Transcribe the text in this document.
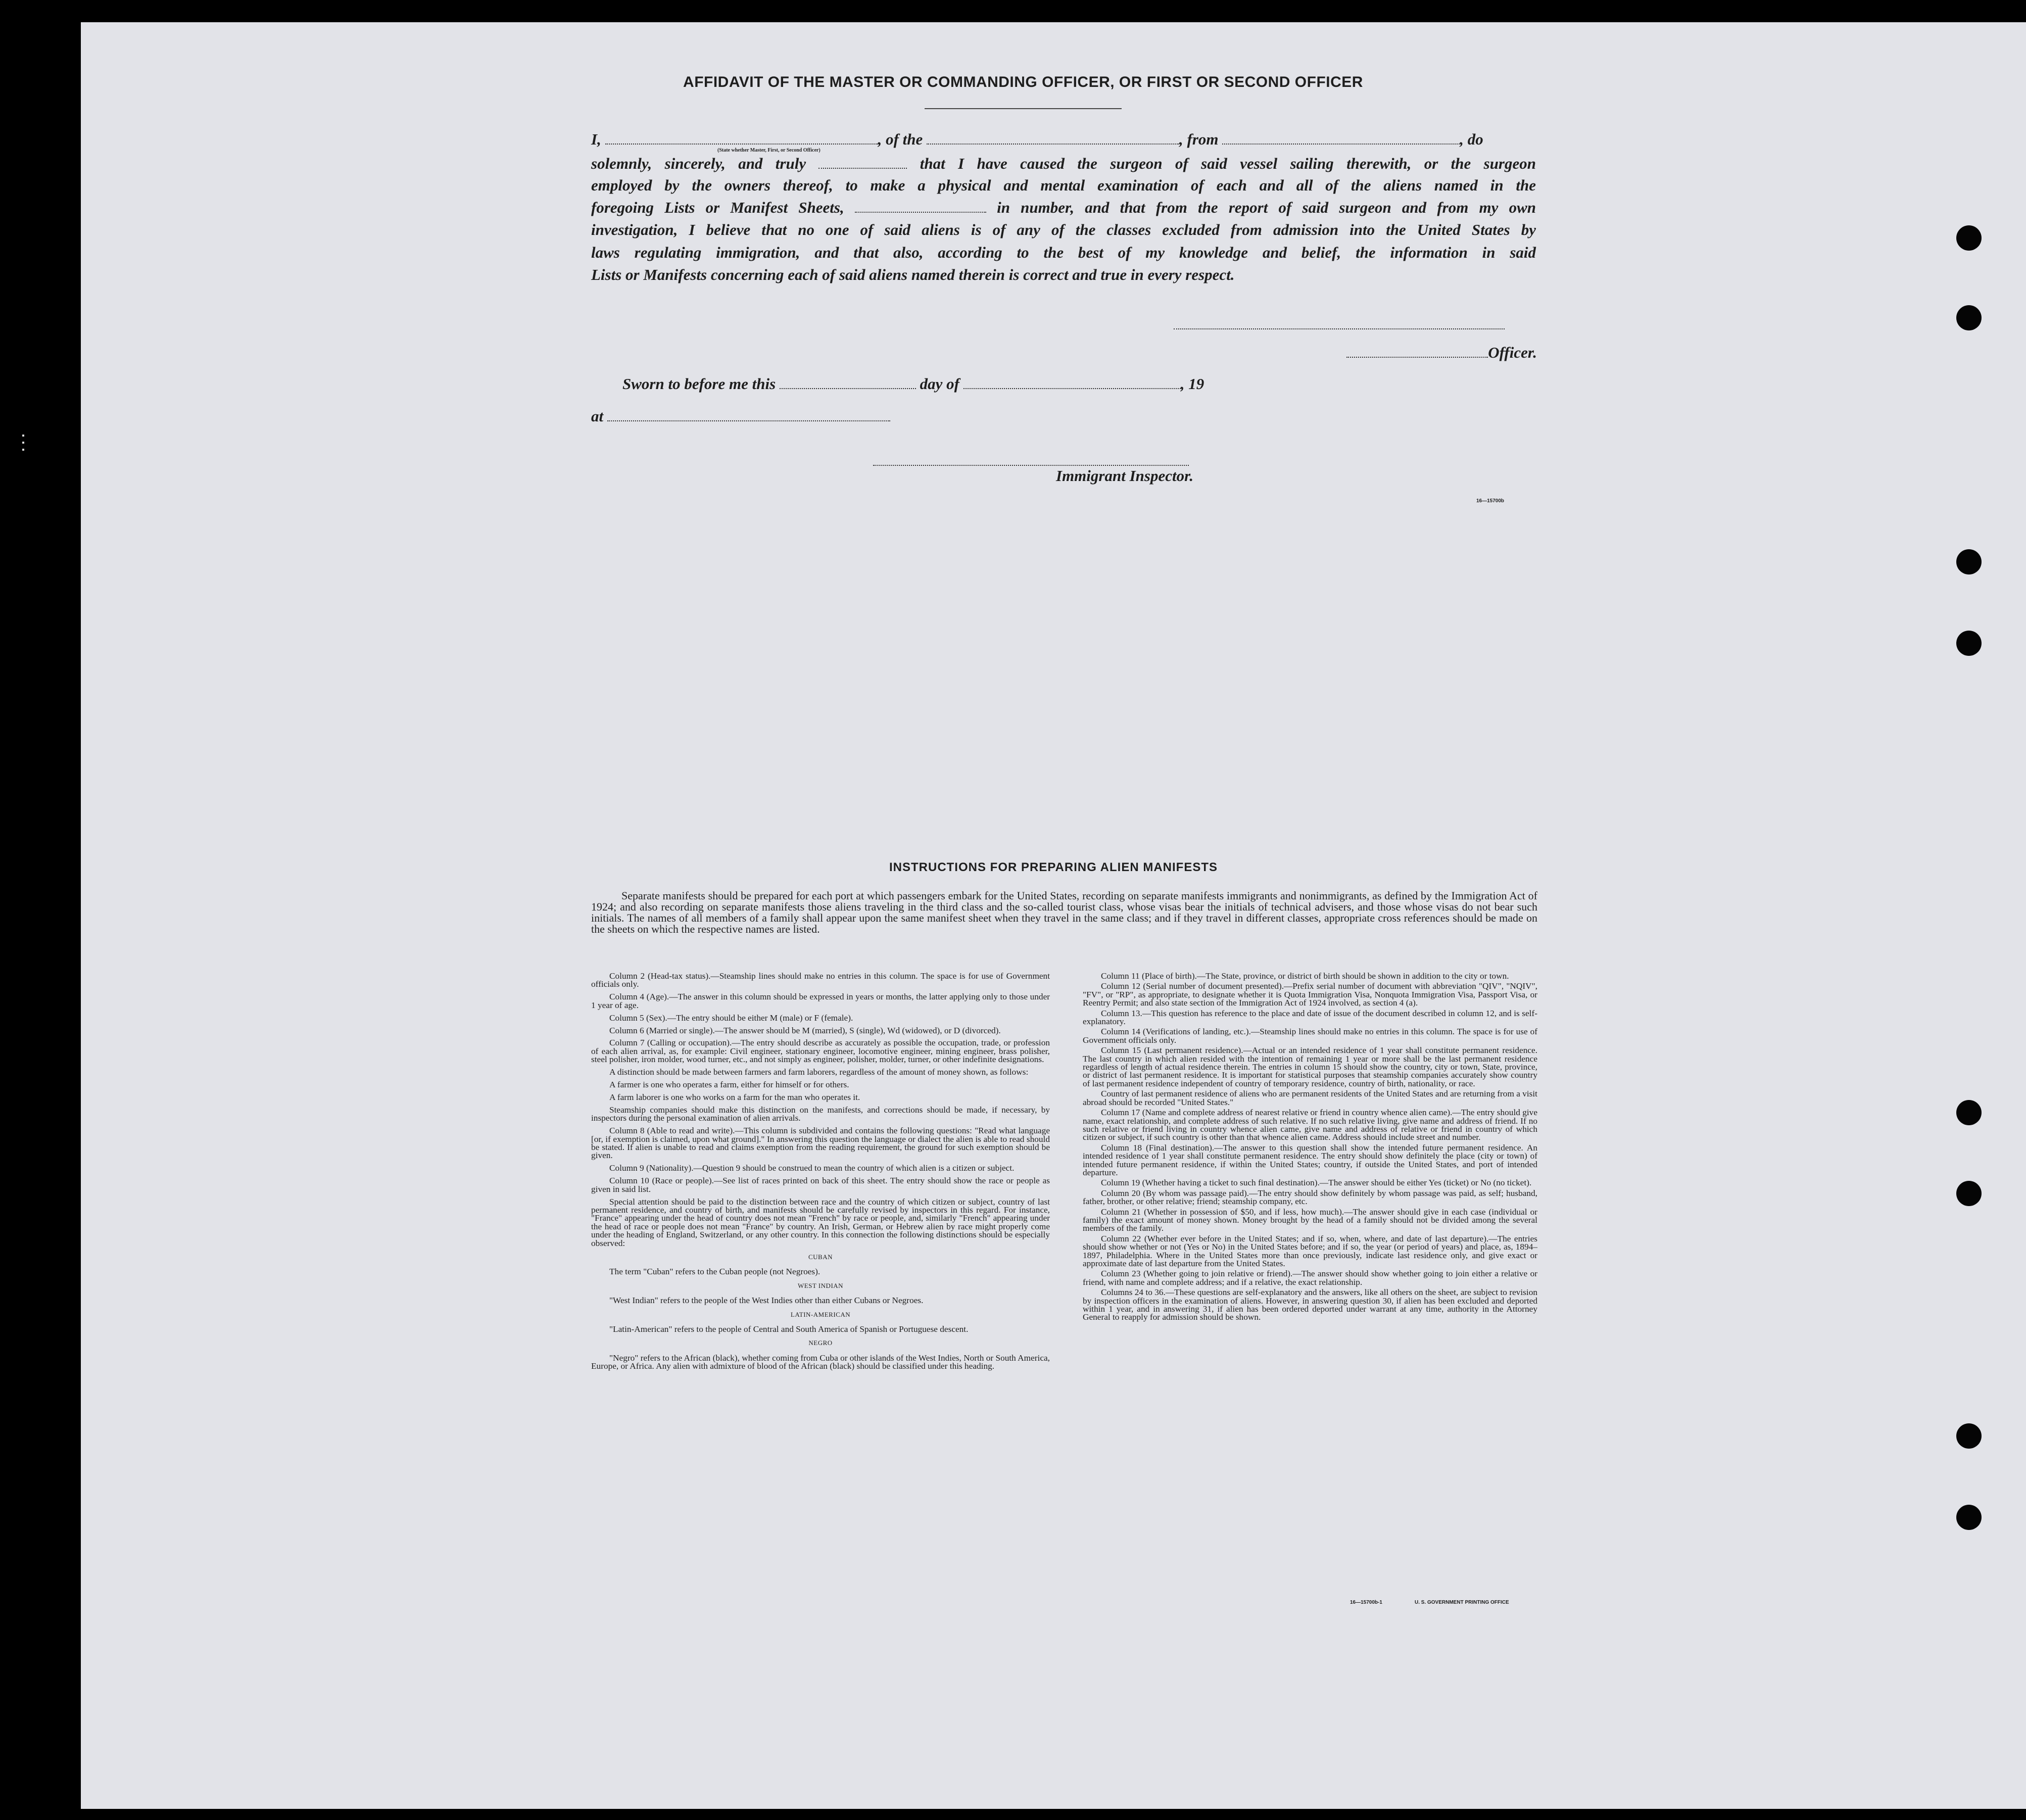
AFFIDAVIT OF THE MASTER OR COMMANDING OFFICER, OR FIRST OR SECOND OFFICER
I,	, of the	, from	, do
(State whether Master, First, or Second Officer)
solemnly, sincerely, and truly	that I have caused the surgeon of said vessel sailing therewith, or the surgeon
employed by the owners thereof, to make a physical and mental examination of each and all of the aliens named in the
foregoing Lists or Manifest Sheets,	in number, and that from the report of said surgeon and from my own
investigation, I believe that no one of said aliens is of any of the classes excluded from admission into the United States by
laws regulating immigration, and that also, according to the best of my knowledge and belief, the information in said
Lists or Manifests concerning each of said aliens named therein is correct and true in every respect.
Officer.
Sworn to before me this	day of	, 19
at
Immigrant Inspector.
16—15700b
INSTRUCTIONS FOR PREPARING ALIEN MANIFESTS
Separate manifests should be prepared for each port at which passengers embark for the United States, recording on separate manifests immigrants and nonimmigrants, as defined by the Immigration Act of 1924; and also recording on separate manifests those aliens traveling in the third class and the so-called tourist class, whose visas bear the initials of technical advisers, and those whose visas do not bear such initials. The names of all members of a family shall appear upon the same manifest sheet when they travel in the same class; and if they travel in different classes, appropriate cross references should be made on the sheets on which the respective names are listed.

Column 2 (Head-tax status).—Steamship lines should make no entries in this column. The space is for use of Government officials only.

Column 4 (Age).—The answer in this column should be expressed in years or months, the latter applying only to those under 1 year of age.

Column 5 (Sex).—The entry should be either M (male) or F (female).

Column 6 (Married or single).—The answer should be M (married), S (single), Wd (widowed), or D (divorced).

Column 7 (Calling or occupation).—The entry should describe as accurately as possible the occupation, trade, or profession of each alien arrival, as, for example: Civil engineer, stationary engineer, locomotive engineer, mining engineer, brass polisher, steel polisher, iron molder, wood turner, etc., and not simply as engineer, polisher, molder, turner, or other indefinite designations.

A distinction should be made between farmers and farm laborers, regardless of the amount of money shown, as follows:

A farmer is one who operates a farm, either for himself or for others.

A farm laborer is one who works on a farm for the man who operates it.

Steamship companies should make this distinction on the manifests, and corrections should be made, if necessary, by inspectors during the personal examination of alien arrivals.

Column 8 (Able to read and write).—This column is subdivided and contains the following questions: "Read what language [or, if exemption is claimed, upon what ground]." In answering this question the language or dialect the alien is able to read should be stated. If alien is unable to read and claims exemption from the reading requirement, the ground for such exemption should be given.

Column 9 (Nationality).—Question 9 should be construed to mean the country of which alien is a citizen or subject.

Column 10 (Race or people).—See list of races printed on back of this sheet. The entry should show the race or people as given in said list.

Special attention should be paid to the distinction between race and the country of which citizen or subject, country of last permanent residence, and country of birth, and manifests should be carefully revised by inspectors in this regard. For instance, "France" appearing under the head of country does not mean "French" by race or people, and, similarly "French" appearing under the head of race or people does not mean "France" by country. An Irish, German, or Hebrew alien by race might properly come under the heading of England, Switzerland, or any other country. In this connection the following distinctions should be especially observed:

CUBAN

The term "Cuban" refers to the Cuban people (not Negroes).

WEST INDIAN

"West Indian" refers to the people of the West Indies other than either Cubans or Negroes.

LATIN-AMERICAN

"Latin-American" refers to the people of Central and South America of Spanish or Portuguese descent.

NEGRO

"Negro" refers to the African (black), whether coming from Cuba or other islands of the West Indies, North or South America, Europe, or Africa. Any alien with admixture of blood of the African (black) should be classified under this heading.

Column 11 (Place of birth).—The State, province, or district of birth should be shown in addition to the city or town.

Column 12 (Serial number of document presented).—Prefix serial number of document with abbreviation "QIV", "NQIV", "FV", or "RP", as appropriate, to designate whether it is Quota Immigration Visa, Nonquota Immigration Visa, Passport Visa, or Reentry Permit; and also state section of the Immigration Act of 1924 involved, as section 4 (a).

Column 13.—This question has reference to the place and date of issue of the document described in column 12, and is self-explanatory.

Column 14 (Verifications of landing, etc.).—Steamship lines should make no entries in this column. The space is for use of Government officials only.

Column 15 (Last permanent residence).—Actual or an intended residence of 1 year shall constitute permanent residence. The last country in which alien resided with the intention of remaining 1 year or more shall be the last permanent residence regardless of length of actual residence therein. The entries in column 15 should show the country, city or town, State, province, or district of last permanent residence. It is important for statistical purposes that steamship companies accurately show country of last permanent residence independent of country of temporary residence, country of birth, nationality, or race.

Country of last permanent residence of aliens who are permanent residents of the United States and are returning from a visit abroad should be recorded "United States."

Column 17 (Name and complete address of nearest relative or friend in country whence alien came).—The entry should give name, exact relationship, and complete address of such relative. If no such relative living, give name and address of friend. If no such relative or friend living in country whence alien came, give name and address of relative or friend in country of which citizen or subject, if such country is other than that whence alien came. Address should include street and number.

Column 18 (Final destination).—The answer to this question shall show the intended future permanent residence. An intended residence of 1 year shall constitute permanent residence. The entry should show definitely the place (city or town) of intended future permanent residence, if within the United States; country, if outside the United States, and port of intended departure.

Column 19 (Whether having a ticket to such final destination).—The answer should be either Yes (ticket) or No (no ticket).

Column 20 (By whom was passage paid).—The entry should show definitely by whom passage was paid, as self; husband, father, brother, or other relative; friend; steamship company, etc.

Column 21 (Whether in possession of $50, and if less, how much).—The answer should give in each case (individual or family) the exact amount of money shown. Money brought by the head of a family should not be divided among the several members of the family.

Column 22 (Whether ever before in the United States; and if so, when, where, and date of last departure).—The entries should show whether or not (Yes or No) in the United States before; and if so, the year (or period of years) and place, as, 1894–1897, Philadelphia. Where in the United States more than once previously, indicate last residence only, and give exact or approximate date of last departure from the United States.

Column 23 (Whether going to join relative or friend).—The answer should show whether going to join either a relative or friend, with name and complete address; and if a relative, the exact relationship.

Columns 24 to 36.—These questions are self-explanatory and the answers, like all others on the sheet, are subject to revision by inspection officers in the examination of aliens. However, in answering question 30, if alien has been excluded and deported within 1 year, and in answering 31, if alien has been ordered deported under warrant at any time, authority in the Attorney General to reapply for admission should be shown.

16—15700b-1	U. S. GOVERNMENT PRINTING OFFICE
